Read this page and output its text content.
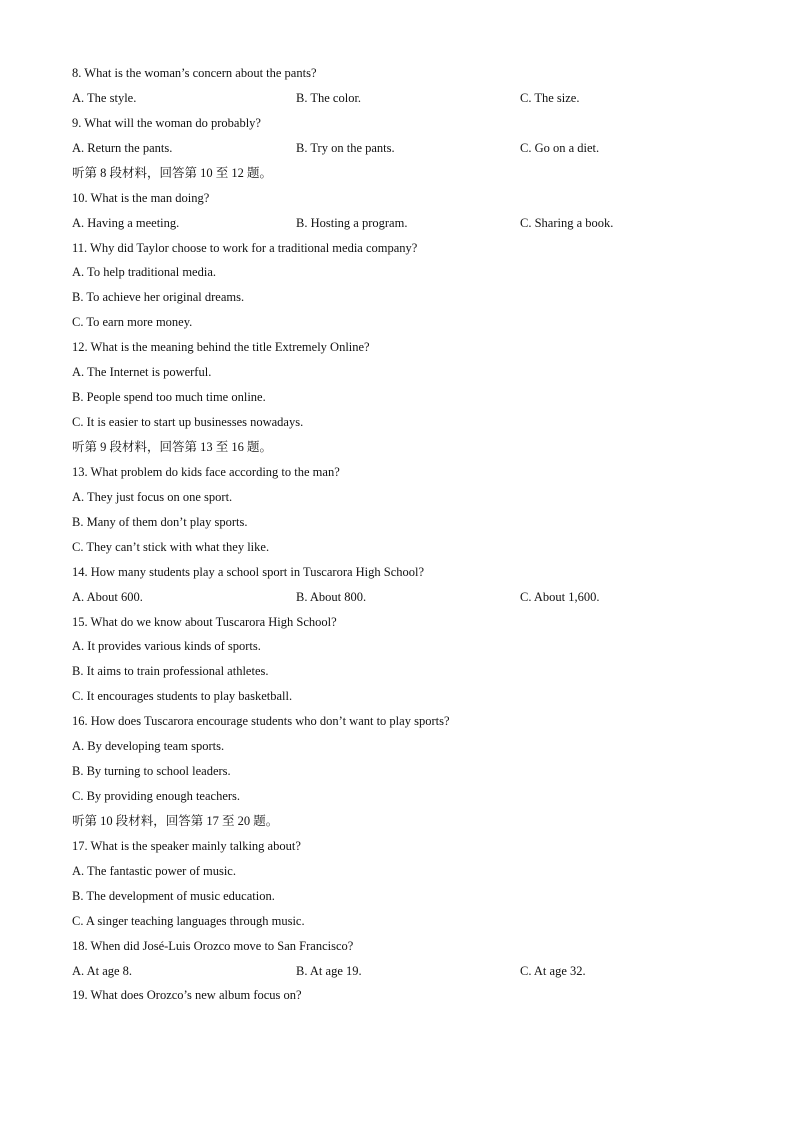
8. What is the woman’s concern about the pants?
A. The style.	B. The color.	C. The size.
9. What will the woman do probably?
A. Return the pants.	B. Try on the pants.	C. Go on a diet.
听第 8 段材料，回答第 10 至 12 题。
10. What is the man doing?
A. Having a meeting.	B. Hosting a program.	C. Sharing a book.
11. Why did Taylor choose to work for a traditional media company?
A. To help traditional media.
B. To achieve her original dreams.
C. To earn more money.
12. What is the meaning behind the title Extremely Online?
A. The Internet is powerful.
B. People spend too much time online.
C. It is easier to start up businesses nowadays.
听第 9 段材料，回答第 13 至 16 题。
13. What problem do kids face according to the man?
A. They just focus on one sport.
B. Many of them don’t play sports.
C. They can’t stick with what they like.
14. How many students play a school sport in Tuscarora High School?
A. About 600.	B. About 800.	C. About 1,600.
15. What do we know about Tuscarora High School?
A. It provides various kinds of sports.
B. It aims to train professional athletes.
C. It encourages students to play basketball.
16. How does Tuscarora encourage students who don’t want to play sports?
A. By developing team sports.
B. By turning to school leaders.
C. By providing enough teachers.
听第 10 段材料，回答第 17 至 20 题。
17. What is the speaker mainly talking about?
A. The fantastic power of music.
B. The development of music education.
C. A singer teaching languages through music.
18. When did José-Luis Orozco move to San Francisco?
A. At age 8.	B. At age 19.	C. At age 32.
19. What does Orozco’s new album focus on?
